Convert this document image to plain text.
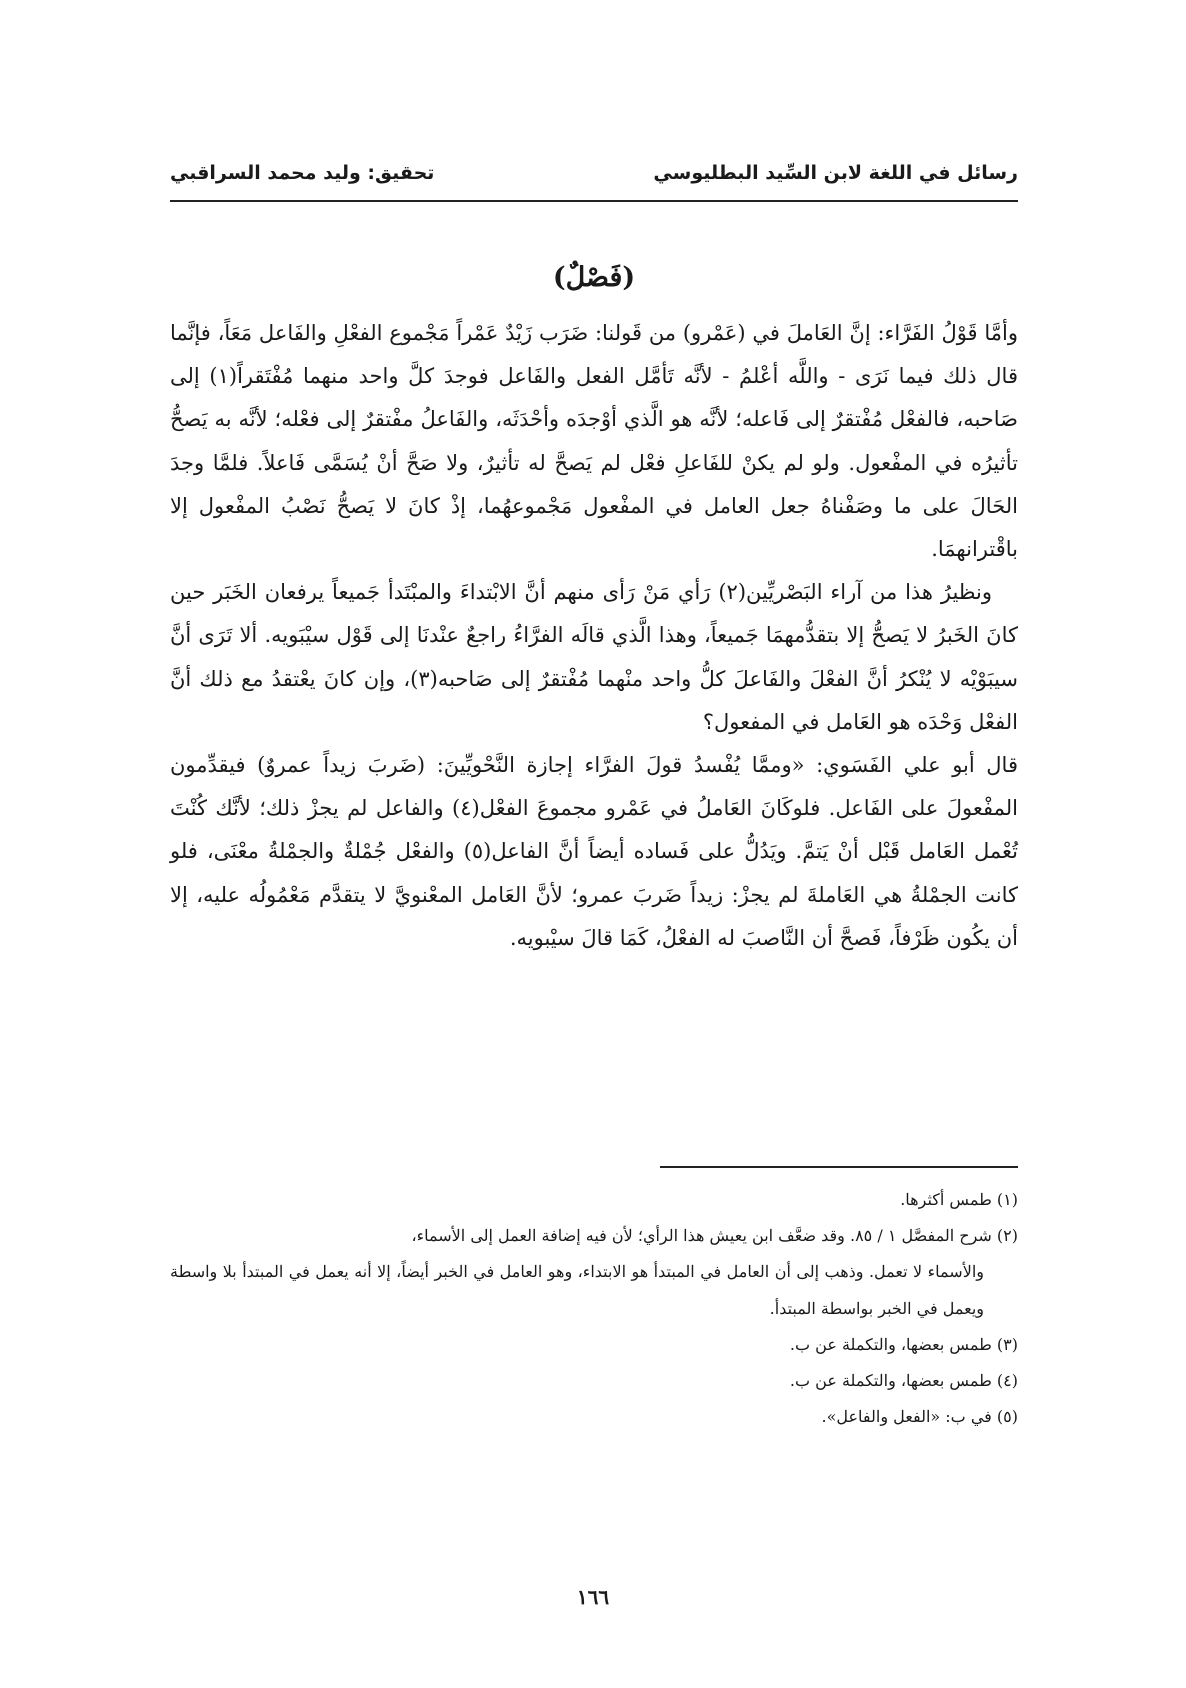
رسائل في اللغة لابن السِّيد البطليوسي
تحقيق: وليد محمد السراقبي
(فَصْلٌ)

وأمَّا قَوْلُ الفَرَّاء: إنَّ العَاملَ في (عَمْرو) من قَولنا: ضَرَب زَيْدٌ عَمْراً مَجْموع الفعْلِ والفَاعل مَعَاً، فإنَّما قال ذلك فيما نَرَى - واللَّه أعْلمُ - لأنَّه تَأمَّل الفعل والفَاعل فوجدَ كلَّ واحد منهما مُفْتَقراً(١) إلى صَاحبه، فالفعْل مُفْتقرٌ إلى فَاعله؛ لأنَّه هو الَّذي أوْجدَه وأحْدَثَه، والفَاعلُ مفْتقرٌ إلى فعْله؛ لأنَّه به يَصحُّ تأثيرُه في المفْعول. ولو لم يكنْ للفَاعلِ فعْل لم يَصحَّ له تأثيرٌ، ولا صَحَّ أنْ يُسَمَّى فَاعلاً. فلمَّا وجدَ الحَالَ على ما وصَفْناهُ جعل العامل في المفْعول مَجْموعهُما، إذْ كانَ لا يَصحُّ نَصْبُ المفْعول إلا باقْترانهمَا.

ونظيرُ هذا من آراء البَصْريِّين(٢) رَأي مَنْ رَأى منهم أنَّ الابْتداءَ والمبْتَدأ جَميعاً يرفعان الخَبَر حين كانَ الخَبرُ لا يَصحُّ إلا بتقدُّمهمَا جَميعاً، وهذا الَّذي قالَه الفرَّاءُ راجعٌ عنْدنَا إلى قَوْل سيْبَويه. ألا تَرَى أنَّ سيبَوْيْه لا يُنْكرُ أنَّ الفعْلَ والفَاعلَ كلُّ واحد منْهما مُفْتقرٌ إلى صَاحبه(٣)، وإن كانَ يعْتقدُ مع ذلك أنَّ الفعْل وَحْدَه هو العَامل في المفعول؟

قال أبو علي الفَسَوي: «وممَّا يُفْسدُ قولَ الفرَّاء إجازة النَّحْويِّينَ: (ضَربَ زيداً عمروٌ) فيقدِّمون المفْعولَ على الفَاعل. فلوكَانَ العَاملُ في عَمْرو مجموعَ الفعْل(٤) والفاعل لم يجزْ ذلك؛ لأنَّك كُنْتَ تُعْمل العَامل قَبْل أنْ يَتمَّ. ويَدُلُّ على فَساده أيضاً أنَّ الفاعل(٥) والفعْل جُمْلةٌ والجمْلةُ معْنَى، فلو كانت الجمْلةُ هي العَاملةَ لم يجزْ: زيداً ضَربَ عمرو؛ لأنَّ العَامل المعْنويَّ لا يتقدَّم مَعْمُولُه عليه، إلا أن يكُون ظَرْفاً، فَصحَّ أن النَّاصبَ له الفعْلُ، كَمَا قالَ سيْبويه.

(١) طمس أكثرها.

(٢) شرح المفصَّل ١ / ٨٥. وقد ضعَّف ابن يعيش هذا الرأي؛ لأن فيه إضافة العمل إلى الأسماء،

والأسماء لا تعمل. وذهب إلى أن العامل في المبتدأ هو الابتداء، وهو العامل في الخبر أيضاً، إلا أنه يعمل في المبتدأ بلا واسطة ويعمل في الخبر بواسطة المبتدأ.

(٣) طمس بعضها، والتكملة عن ب.

(٤) طمس بعضها، والتكملة عن ب.

(٥) في ب: «الفعل والفاعل».

١٦٦
